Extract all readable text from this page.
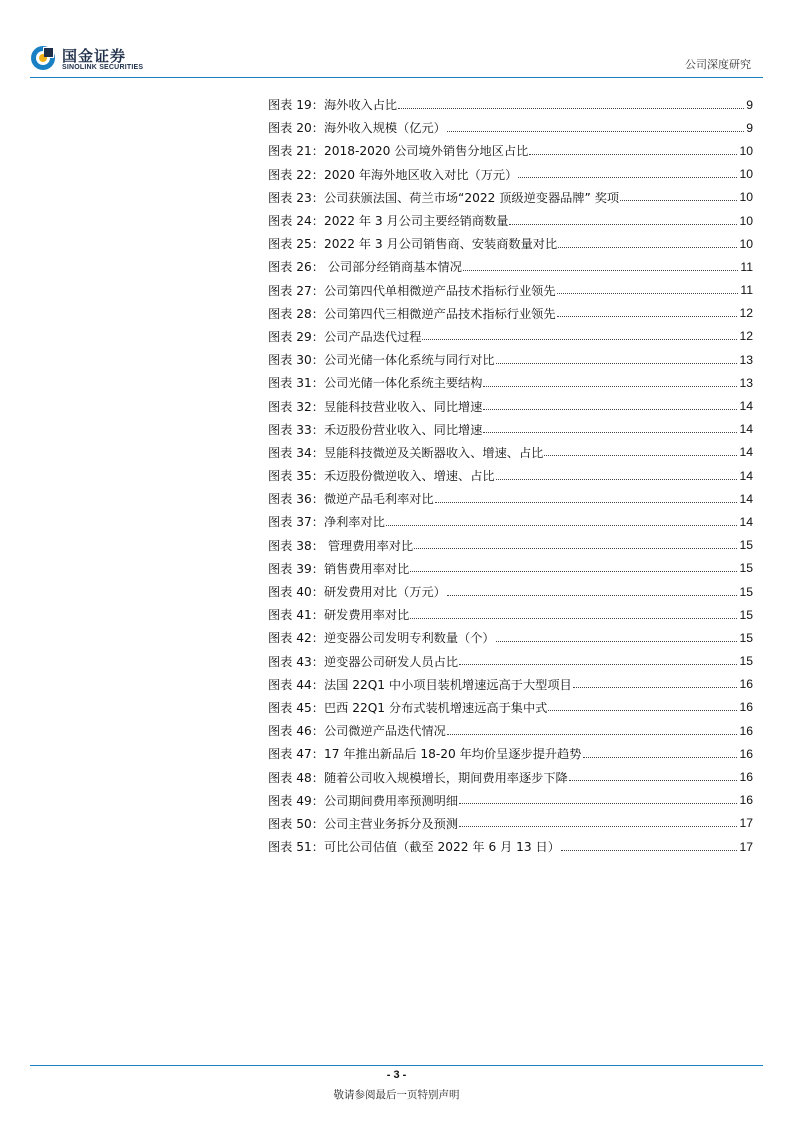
国金证券
SINOLINK SECURITIES	公司深度研究
图表 19：海外收入占比	9
图表 20：海外收入规模（亿元）	9
图表 21：2018-2020 公司境外销售分地区占比	10
图表 22：2020 年海外地区收入对比（万元）	10
图表 23：公司获颁法国、荷兰市场“2022 顶级逆变器品牌” 奖项	10
图表 24：2022 年 3 月公司主要经销商数量	10
图表 25：2022 年 3 月公司销售商、安装商数量对比	10
图表 26： 公司部分经销商基本情况	11
图表 27：公司第四代单相微逆产品技术指标行业领先	11
图表 28：公司第四代三相微逆产品技术指标行业领先	12
图表 29：公司产品迭代过程	12
图表 30：公司光储一体化系统与同行对比	13
图表 31：公司光储一体化系统主要结构	13
图表 32：昱能科技营业收入、同比增速	14
图表 33：禾迈股份营业收入、同比增速	14
图表 34：昱能科技微逆及关断器收入、增速、占比	14
图表 35：禾迈股份微逆收入、增速、占比	14
图表 36：微逆产品毛利率对比	14
图表 37：净利率对比	14
图表 38： 管理费用率对比	15
图表 39：销售费用率对比	15
图表 40：研发费用对比（万元）	15
图表 41：研发费用率对比	15
图表 42：逆变器公司发明专利数量（个）	15
图表 43：逆变器公司研发人员占比	15
图表 44：法国 22Q1 中小项目装机增速远高于大型项目	16
图表 45：巴西 22Q1 分布式装机增速远高于集中式	16
图表 46：公司微逆产品迭代情况	16
图表 47：17 年推出新品后 18-20 年均价呈逐步提升趋势	16
图表 48：随着公司收入规模增长，期间费用率逐步下降	16
图表 49：公司期间费用率预测明细	16
图表 50：公司主营业务拆分及预测	17
图表 51：可比公司估值（截至 2022 年 6 月 13 日）	17
- 3 -
敬请参阅最后一页特别声明
